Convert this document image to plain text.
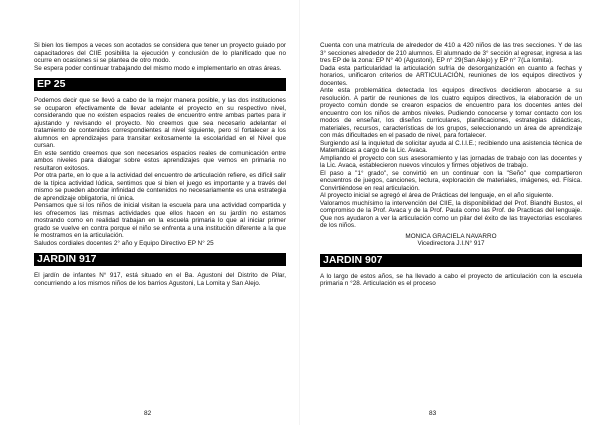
Si bien los tiempos a veces son acotados se considera que tener un proyecto guiado por capacitadores del CIIE posibilita la ejecución y conclusión de lo planificado que no ocurre en ocasiones si se plantea de otro modo.

Se espera poder continuar trabajando del mismo modo e implementarlo en otras áreas.

EP 25

Podemos decir que se llevó a cabo de la mejor manera posible, y las dos instituciones se ocuparon efectivamente de llevar adelante el proyecto en su respectivo nivel, considerando que no existen espacios reales de encuentro entre ambas partes para ir ajustando y revisando el proyecto. No creemos que sea necesario adelantar el tratamiento de contenidos correspondientes al nivel siguiente, pero sí fortalecer a los alumnos en aprendizajes para transitar exitosamente la escolaridad en el Nivel que cursan.

En este sentido creemos que son necesarios espacios reales de comunicación entre ambos niveles para dialogar sobre estos aprendizajes que vemos en primaria no resultaron exitosos.

Por otra parte, en lo que a la actividad del encuentro de articulación refiere, es difícil salir de la típica actividad lúdica, sentimos que si bien el juego es importante y a través del mismo se pueden abordar infinidad de contenidos no necesariamente es una estrategia de aprendizaje obligatoria, ni única.

Pensamos que si los niños de inicial visitan la escuela para una actividad compartida y les ofrecemos las mismas actividades que ellos hacen en su jardín no estamos mostrando como en realidad trabajan en la escuela primaria lo que al iniciar primer grado se vuelve en contra porque el niño se enfrenta a una institución diferente a la que le mostramos en la articulación.

Saludos cordiales docentes 2° año y Equipo Directivo EP N° 25

JARDIN 917

El jardín de infantes N° 917, está situado en el Ba. Agustoni del Distrito de Pilar, concurriendo a los mismos niños de los barrios Agustoni, La Lomita y San Alejo.

82

Cuenta con una matrícula de alrededor de 410 a 420 niños de las tres secciones. Y de las 3° secciones alrededor de 210 alumnos. El alumnado de 3° sección al egresar, ingresa a las tres EP de la zona: EP N° 40 (Agustoni), EP n° 29(San Alejo) y EP n° 7(La lomita).

Dada esta particularidad la articulación sufría de desorganización en cuanto a fechas y horarios, unificaron criterios de ARTICULACIÓN, reuniones de los equipos directivos y docentes.

Ante esta problemática detectada los equipos directivos decidieron abocarse a su resolución. A partir de reuniones de los cuatro equipos directivos, la elaboración de un proyecto común donde se crearon espacios de encuentro para los docentes antes del encuentro con los niños de ambos niveles. Pudiendo conocerse y tomar contacto con los modos de enseñar, los diseños curriculares, planificaciones, estrategias didácticas, materiales, recursos, características de los grupos, seleccionando un área de aprendizaje con más dificultades en el pasado de nivel, para fortalecer.

Surgiendo así la inquietud de solicitar ayuda al C.I.I.E.; recibiendo una asistencia técnica de Matemáticas a cargo de la Lic. Avaca.

Ampliando el proyecto con sus asesoramiento y las jornadas de trabajo con las docentes y la Lic. Avaca, establecieron nuevos vínculos y firmes objetivos de trabajo.

El paso a "1° grado", se convirtió en un continuar con la "Seño" que compartieron encuentros de juegos, canciones, lectura, exploración de materiales, imágenes, ed. Física. Convirtiéndose en real articulación.

Al proyecto inicial se agregó el área de Prácticas del lenguaje, en el año siguiente.

Valoramos muchísimo la intervención del CIIE, la disponibilidad del Prof. Biandhi Bustos, el compromiso de la Prof. Avaca y de la Prof. Paula como las Prof. de Practicas del lenguaje. Que nos ayudaron a ver la articulación como un pilar del éxito de las trayectorias escolares de los niños.

MONICA GRACIELA NAVARRO

Vicedirectora J.I.N° 917

JARDIN 907

A lo largo de estos años, se ha llevado a cabo el proyecto de articulación con la escuela primaria n °28. Articulación es el proceso

83
